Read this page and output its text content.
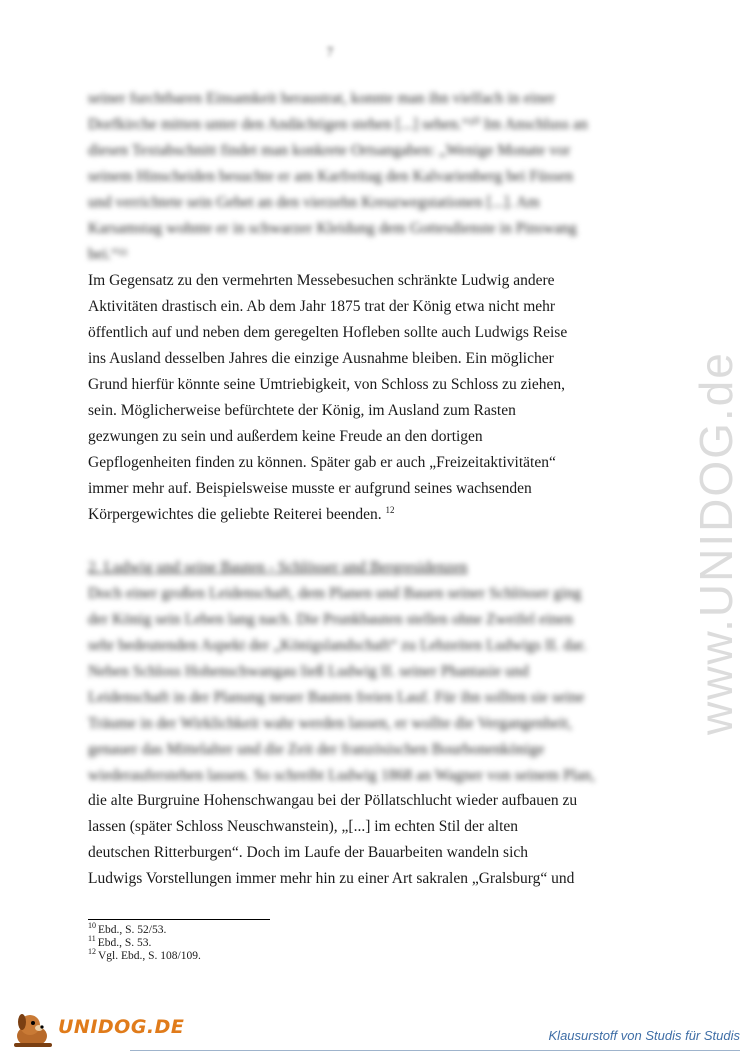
7
seiner furchtbaren Einsamkeit heraustrat, konnte man ihn vielfach in einer
Dorfkirche mitten unter den Andächtigen stehen [...] sehen.“¹⁰ Im Anschluss an
diesen Textabschnitt findet man konkrete Ortsangaben: „Wenige Monate vor
seinem Hinscheiden besuchte er am Karfreitag den Kalvarienberg bei Füssen
und verrichtete sein Gebet an den vierzehn Kreuzwegstationen [...]. Am
Karsamstag wohnte er in schwarzer Kleidung dem Gottesdienste in Pinswang
bei.“¹¹
Im Gegensatz zu den vermehrten Messebesuchen schränkte Ludwig andere
Aktivitäten drastisch ein. Ab dem Jahr 1875 trat der König etwa nicht mehr
öffentlich auf und neben dem geregelten Hofleben sollte auch Ludwigs Reise
ins Ausland desselben Jahres die einzige Ausnahme bleiben. Ein möglicher
Grund hierfür könnte seine Umtriebigkeit, von Schloss zu Schloss zu ziehen,
sein. Möglicherweise befürchtete der König, im Ausland zum Rasten
gezwungen zu sein und außerdem keine Freude an den dortigen
Gepflogenheiten finden zu können. Später gab er auch „Freizeitaktivitäten“
immer mehr auf. Beispielsweise musste er aufgrund seines wachsenden
Körpergewichtes die geliebte Reiterei beenden. $^{12}$
2. Ludwig und seine Bauten - Schlösser und Bergresidenzen
Doch einer großen Leidenschaft, dem Planen und Bauen seiner Schlösser ging
der König sein Leben lang nach. Die Prunkbauten stellen ohne Zweifel einen
sehr bedeutenden Aspekt der „Königslandschaft“ zu Lebzeiten Ludwigs II. dar.
Neben Schloss Hohenschwangau ließ Ludwig II. seiner Phantasie und
Leidenschaft in der Planung neuer Bauten freien Lauf. Für ihn sollten sie seine
Träume in der Wirklichkeit wahr werden lassen, er wollte die Vergangenheit,
genauer das Mittelalter und die Zeit der französischen Bourbonenkönige
wiederauferstehen lassen. So schreibt Ludwig 1868 an Wagner von seinem Plan,
die alte Burgruine Hohenschwangau bei der Pöllatschlucht wieder aufbauen zu
lassen (später Schloss Neuschwanstein), „[...] im echten Stil der alten
deutschen Ritterburgen“. Doch im Laufe der Bauarbeiten wandeln sich
Ludwigs Vorstellungen immer mehr hin zu einer Art sakralen „Gralsburg“ und
$^{10}$ Ebd., S. 52/53.
$^{11}$ Ebd., S. 53.
$^{12}$ Vgl. Ebd., S. 108/109.
www.UNIDOG.de
UNIDOG.DE	Klausurstoff von Studis für Studis
